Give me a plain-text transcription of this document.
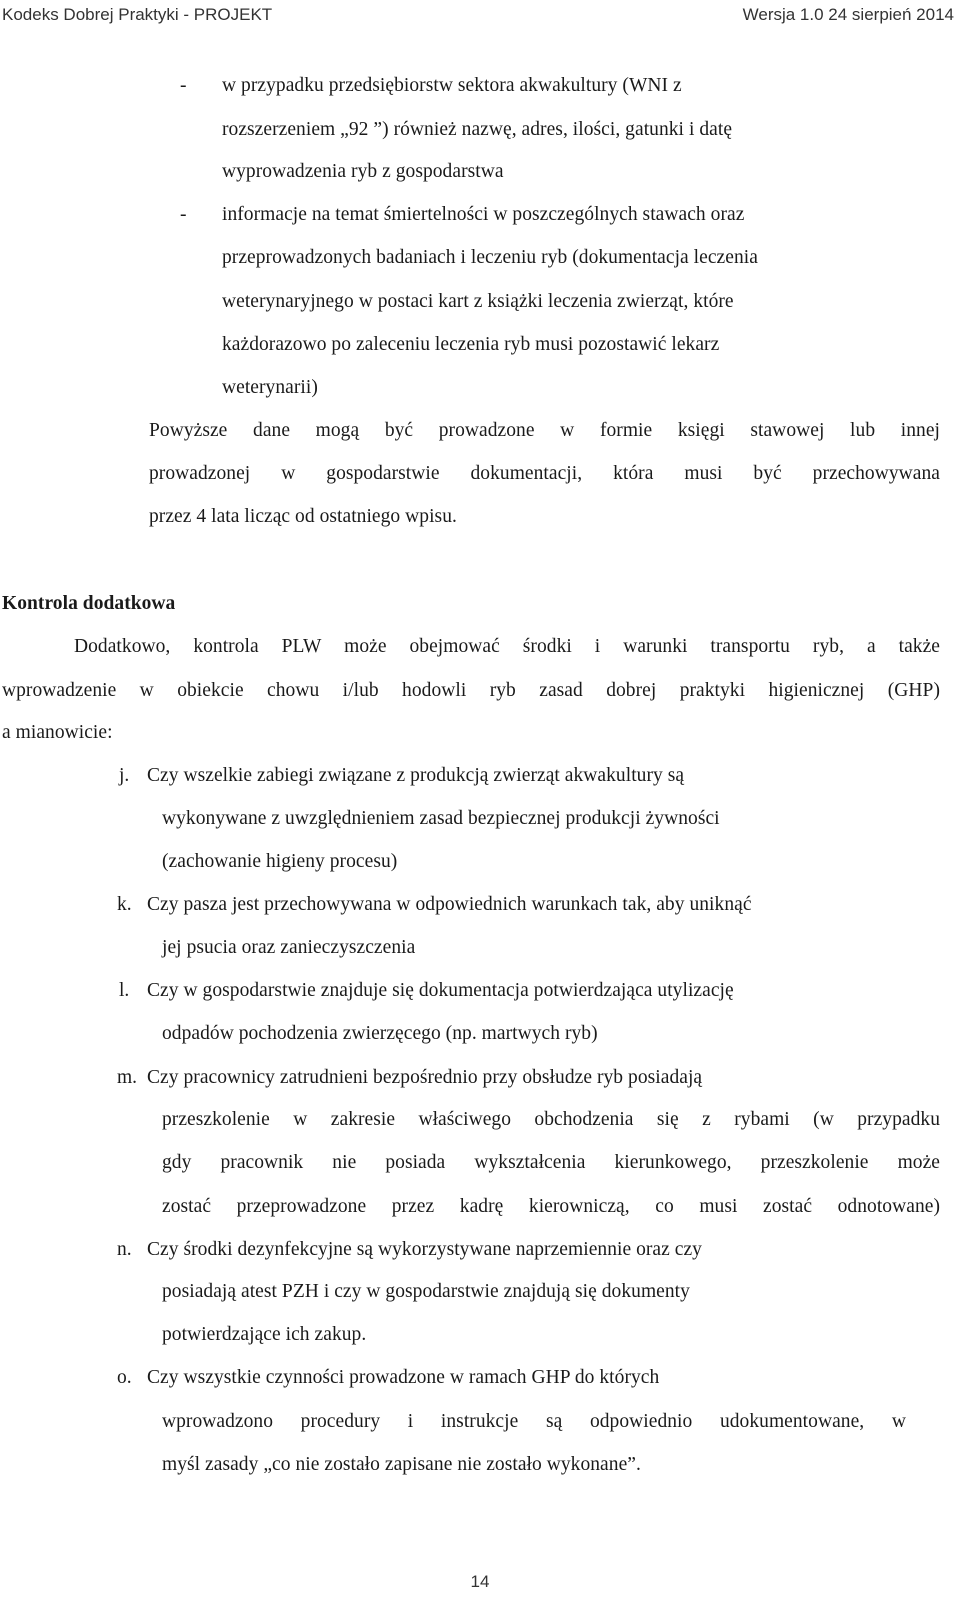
Kodeks Dobrej Praktyki - PROJEKT	Wersja 1.0 24 sierpień 2014
- w przypadku przedsiębiorstw sektora akwakultury (WNI z
rozszerzeniem „92 ”) również nazwę, adres, ilości, gatunki i datę
wyprowadzenia ryb z gospodarstwa
- informacje na temat śmiertelności w poszczególnych stawach oraz
przeprowadzonych badaniach i leczeniu ryb (dokumentacja leczenia
weterynaryjnego w postaci kart z książki leczenia zwierząt, które
każdorazowo po zaleceniu leczenia ryb musi pozostawić lekarz
weterynarii)
Powyższe dane mogą być prowadzone w formie księgi stawowej lub innej
prowadzonej w gospodarstwie dokumentacji, która musi być przechowywana
przez 4 lata licząc od ostatniego wpisu.
Kontrola dodatkowa
Dodatkowo, kontrola PLW może obejmować środki i warunki transportu ryb, a także
wprowadzenie w obiekcie chowu i/lub hodowli ryb zasad dobrej praktyki higienicznej (GHP)
a mianowicie:
j. Czy wszelkie zabiegi związane z produkcją zwierząt akwakultury są
wykonywane z uwzględnieniem zasad bezpiecznej produkcji żywności
(zachowanie higieny procesu)
k. Czy pasza jest przechowywana w odpowiednich warunkach tak, aby uniknąć
jej psucia oraz zanieczyszczenia
l. Czy w gospodarstwie znajduje się dokumentacja potwierdzająca utylizację
odpadów pochodzenia zwierzęcego (np. martwych ryb)
m. Czy pracownicy zatrudnieni bezpośrednio przy obsłudze ryb posiadają
przeszkolenie w zakresie właściwego obchodzenia się z rybami (w przypadku
gdy pracownik nie posiada wykształcenia kierunkowego, przeszkolenie może
zostać przeprowadzone przez kadrę kierowniczą, co musi zostać odnotowane)
n. Czy środki dezynfekcyjne są wykorzystywane naprzemiennie oraz czy
posiadają atest PZH i czy w gospodarstwie znajdują się dokumenty
potwierdzające ich zakup.
o. Czy wszystkie czynności prowadzone w ramach GHP do których
wprowadzono procedury i instrukcje są odpowiednio udokumentowane, w
myśl zasady „co nie zostało zapisane nie zostało wykonane”.
14
